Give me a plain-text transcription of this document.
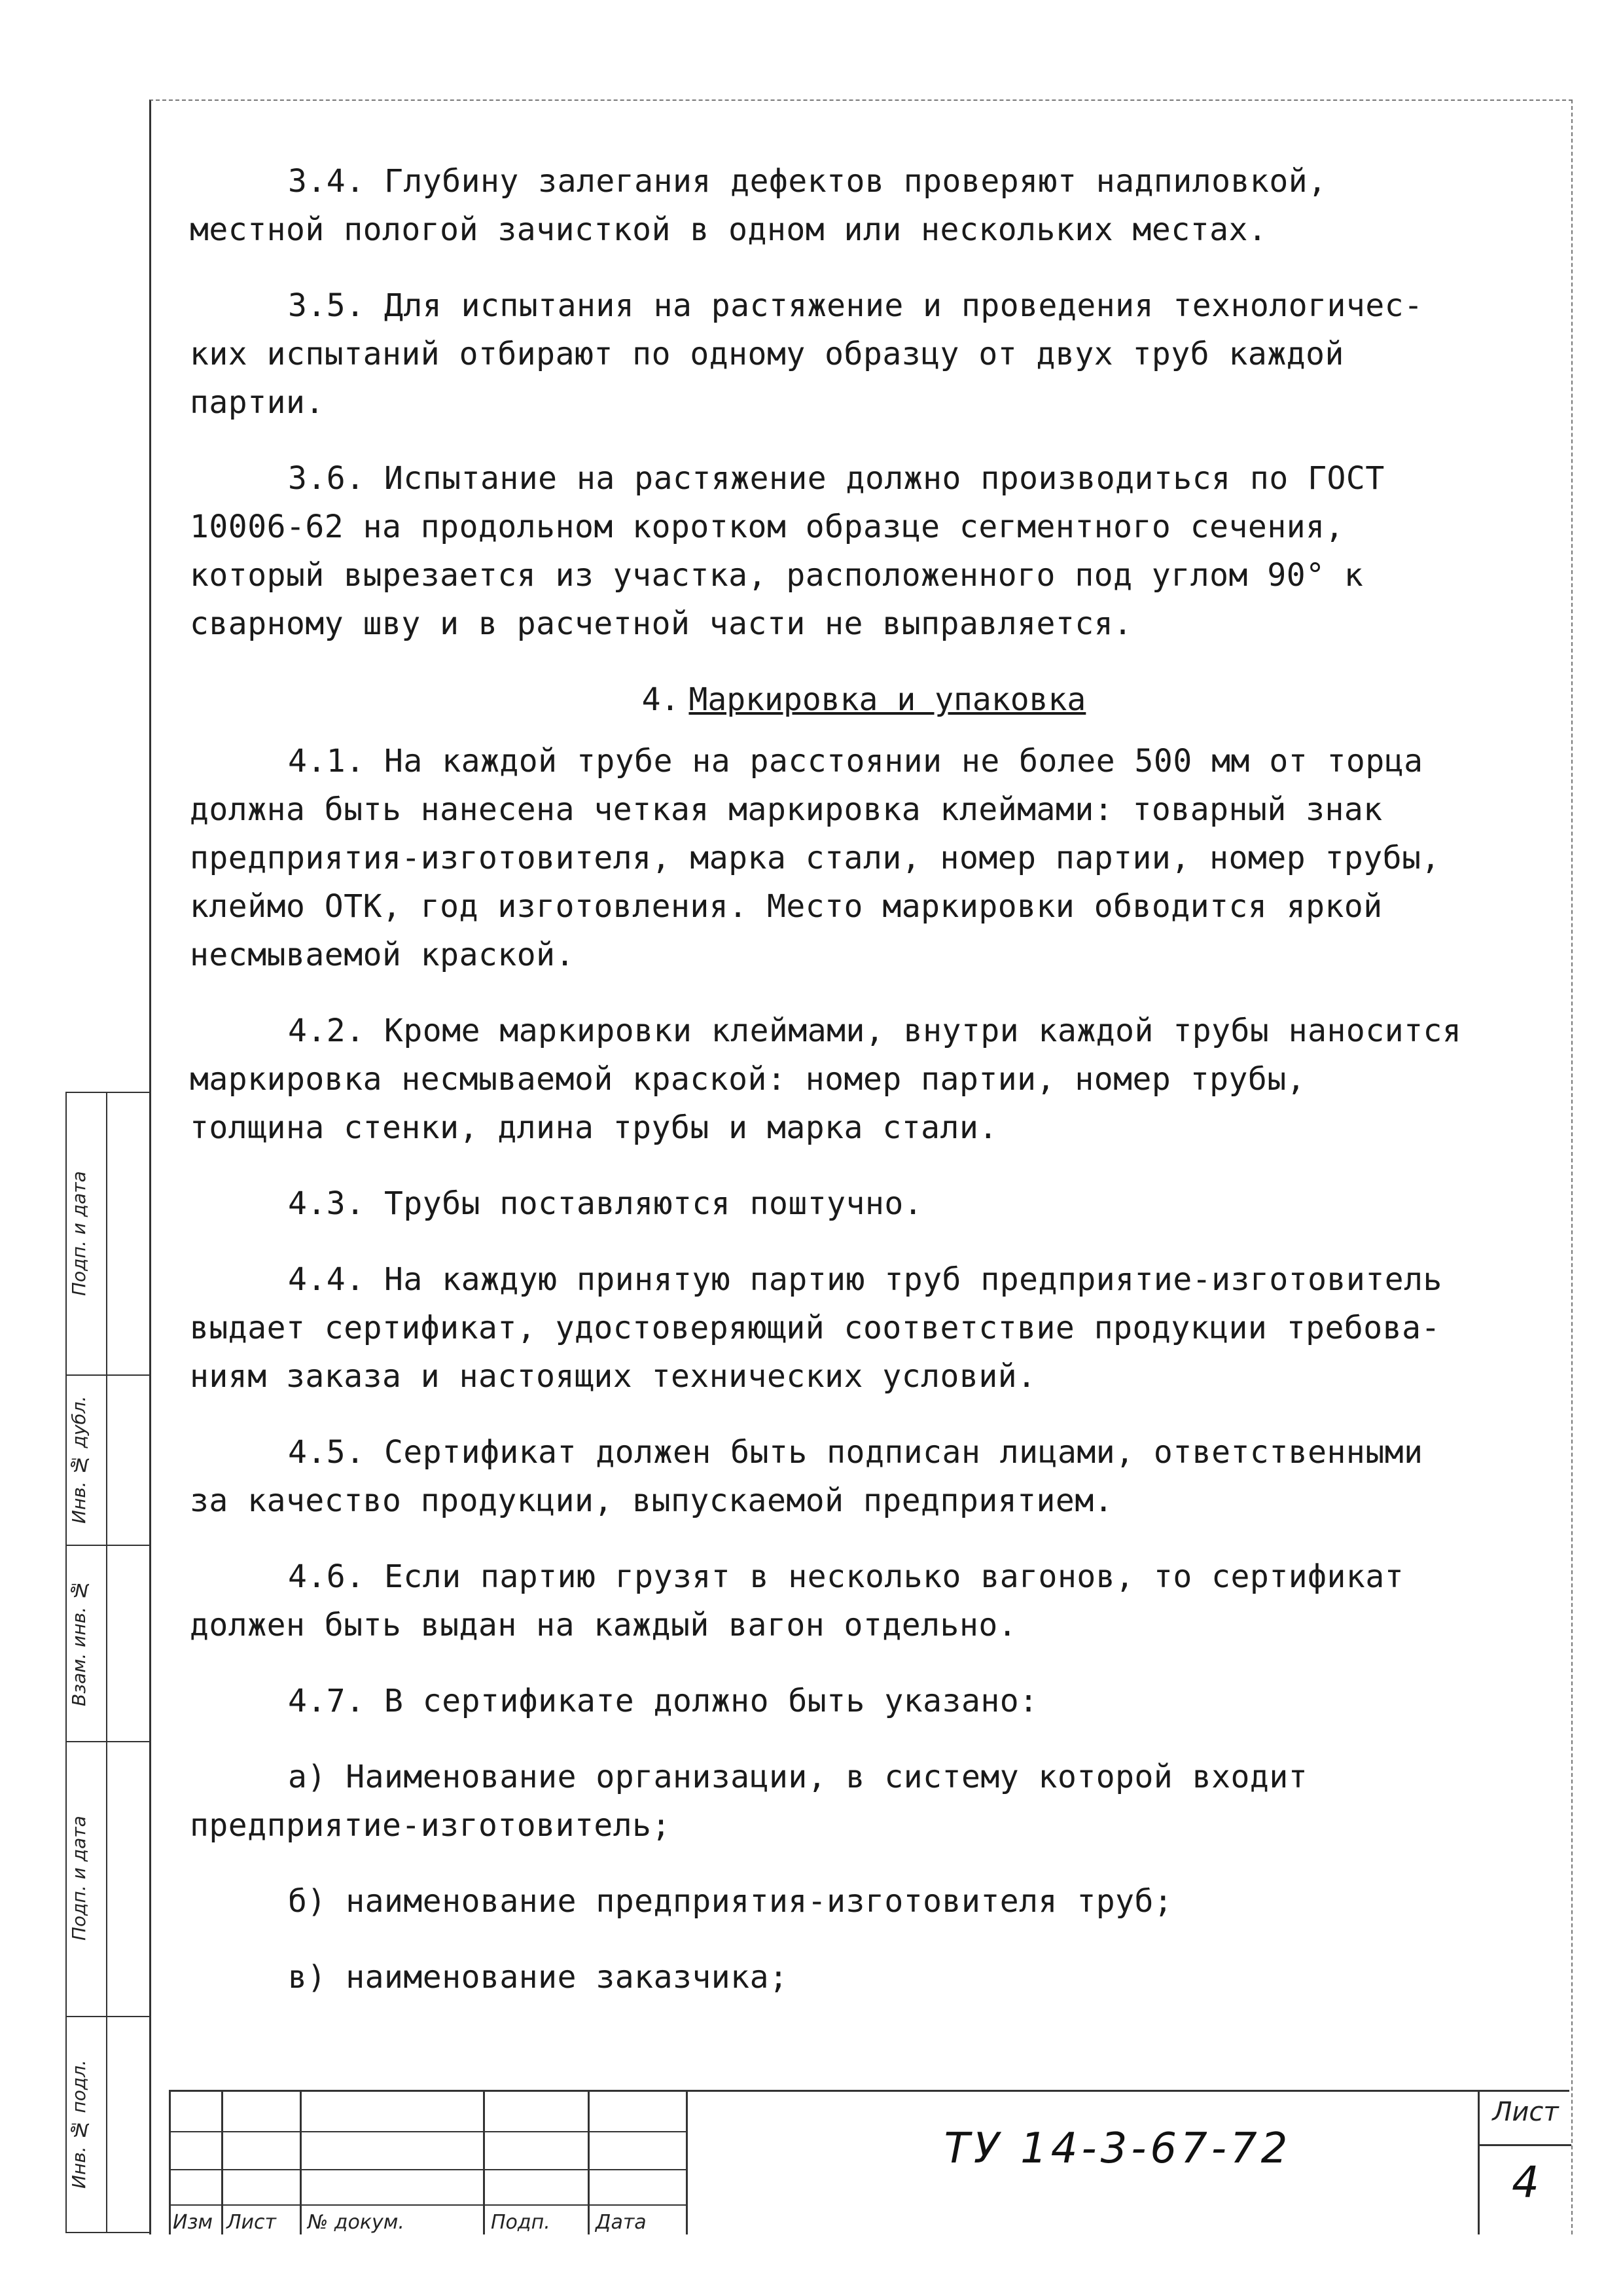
3.4. Глубину залегания дефектов проверяют надпиловкой,
местной пологой зачисткой в одном или нескольких местах.

3.5. Для испытания на растяжение и проведения технологичес-
ких испытаний отбирают по одному образцу от двух труб каждой
партии.

3.6. Испытание на растяжение должно производиться по ГОСТ
10006-62 на продольном коротком образце сегментного сечения,
который вырезается из участка, расположенного под углом 90° к
сварному шву и в расчетной части не выправляется.

4. Маркировка и упаковка

4.1. На каждой трубе на расстоянии не более 500 мм от торца
должна быть нанесена четкая маркировка клеймами: товарный знак
предприятия-изготовителя, марка стали, номер партии, номер трубы,
клеймо ОТК, год изготовления. Место маркировки обводится яркой
несмываемой краской.

4.2. Кроме маркировки клеймами, внутри каждой трубы наносится
маркировка несмываемой краской: номер партии, номер трубы,
толщина стенки, длина трубы и марка стали.

4.3. Трубы поставляются поштучно.

4.4. На каждую принятую партию труб предприятие-изготовитель
выдает сертификат, удостоверяющий соответствие продукции требова-
ниям заказа и настоящих технических условий.

4.5. Сертификат должен быть подписан лицами, ответственными
за качество продукции, выпускаемой предприятием.

4.6. Если партию грузят в несколько вагонов, то сертификат
должен быть выдан на каждый вагон отдельно.

4.7. В сертификате должно быть указано:

а) Наименование организации, в систему которой входит
предприятие-изготовитель;

б) наименование предприятия-изготовителя труб;

в) наименование заказчика;

Подп. и дата
Инв. № дубл.
Взам. инв. №
Подп. и дата
Инв. № подл.
Изм Лист № докум.	Подп. Дата
ТУ 14-3-67-72
Лист
4
